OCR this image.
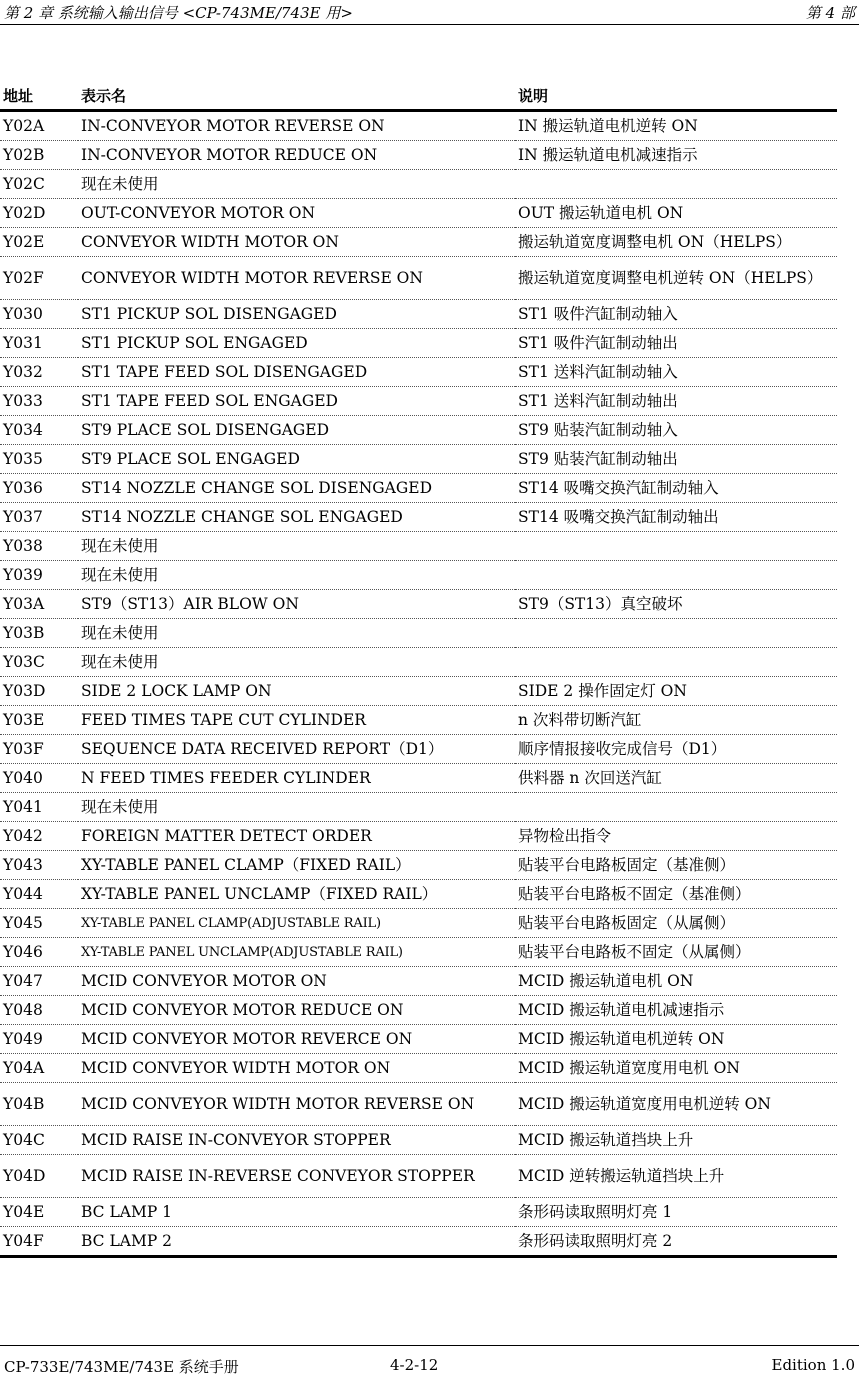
第 2 章 系统输入输出信号 <CP-743ME/743E 用>	第 4 部
地址	表示名	说明
Y02A	IN-CONVEYOR MOTOR REVERSE ON	IN 搬运轨道电机逆转 ON
Y02B	IN-CONVEYOR MOTOR REDUCE ON	IN 搬运轨道电机减速指示
Y02C	现在未使用	
Y02D	OUT-CONVEYOR MOTOR ON	OUT 搬运轨道电机 ON
Y02E	CONVEYOR WIDTH MOTOR ON	搬运轨道宽度调整电机 ON（HELPS）
Y02F	CONVEYOR WIDTH MOTOR REVERSE ON	搬运轨道宽度调整电机逆转 ON（HELPS）
Y030	ST1 PICKUP SOL DISENGAGED	ST1 吸件汽缸制动轴入
Y031	ST1 PICKUP SOL ENGAGED	ST1 吸件汽缸制动轴出
Y032	ST1 TAPE FEED SOL DISENGAGED	ST1 送料汽缸制动轴入
Y033	ST1 TAPE FEED SOL ENGAGED	ST1 送料汽缸制动轴出
Y034	ST9 PLACE SOL DISENGAGED	ST9 贴装汽缸制动轴入
Y035	ST9 PLACE SOL ENGAGED	ST9 贴装汽缸制动轴出
Y036	ST14 NOZZLE CHANGE SOL DISENGAGED	ST14 吸嘴交换汽缸制动轴入
Y037	ST14 NOZZLE CHANGE SOL ENGAGED	ST14 吸嘴交换汽缸制动轴出
Y038	现在未使用	
Y039	现在未使用	
Y03A	ST9（ST13）AIR BLOW ON	ST9（ST13）真空破坏
Y03B	现在未使用	
Y03C	现在未使用	
Y03D	SIDE 2 LOCK LAMP ON	SIDE 2 操作固定灯 ON
Y03E	FEED TIMES TAPE CUT CYLINDER	n 次料带切断汽缸
Y03F	SEQUENCE DATA RECEIVED REPORT（D1）	顺序情报接收完成信号（D1）
Y040	N FEED TIMES FEEDER CYLINDER	供料器 n 次回送汽缸
Y041	现在未使用	
Y042	FOREIGN MATTER DETECT ORDER	异物检出指令
Y043	XY-TABLE PANEL CLAMP（FIXED RAIL）	贴装平台电路板固定（基准侧）
Y044	XY-TABLE PANEL UNCLAMP（FIXED RAIL）	贴装平台电路板不固定（基准侧）
Y045	XY-TABLE PANEL CLAMP(ADJUSTABLE RAIL)	贴装平台电路板固定（从属侧）
Y046	XY-TABLE PANEL UNCLAMP(ADJUSTABLE RAIL)	贴装平台电路板不固定（从属侧）
Y047	MCID CONVEYOR MOTOR ON	MCID 搬运轨道电机 ON
Y048	MCID CONVEYOR MOTOR REDUCE ON	MCID 搬运轨道电机减速指示
Y049	MCID CONVEYOR MOTOR REVERCE ON	MCID 搬运轨道电机逆转 ON
Y04A	MCID CONVEYOR WIDTH MOTOR ON	MCID 搬运轨道宽度用电机 ON
Y04B	MCID CONVEYOR WIDTH MOTOR REVERSE ON	MCID 搬运轨道宽度用电机逆转 ON
Y04C	MCID RAISE IN-CONVEYOR STOPPER	MCID 搬运轨道挡块上升
Y04D	MCID RAISE IN-REVERSE CONVEYOR STOPPER	MCID 逆转搬运轨道挡块上升
Y04E	BC LAMP 1	条形码读取照明灯亮 1
Y04F	BC LAMP 2	条形码读取照明灯亮 2
CP-733E/743ME/743E 系统手册	4-2-12	Edition 1.0
